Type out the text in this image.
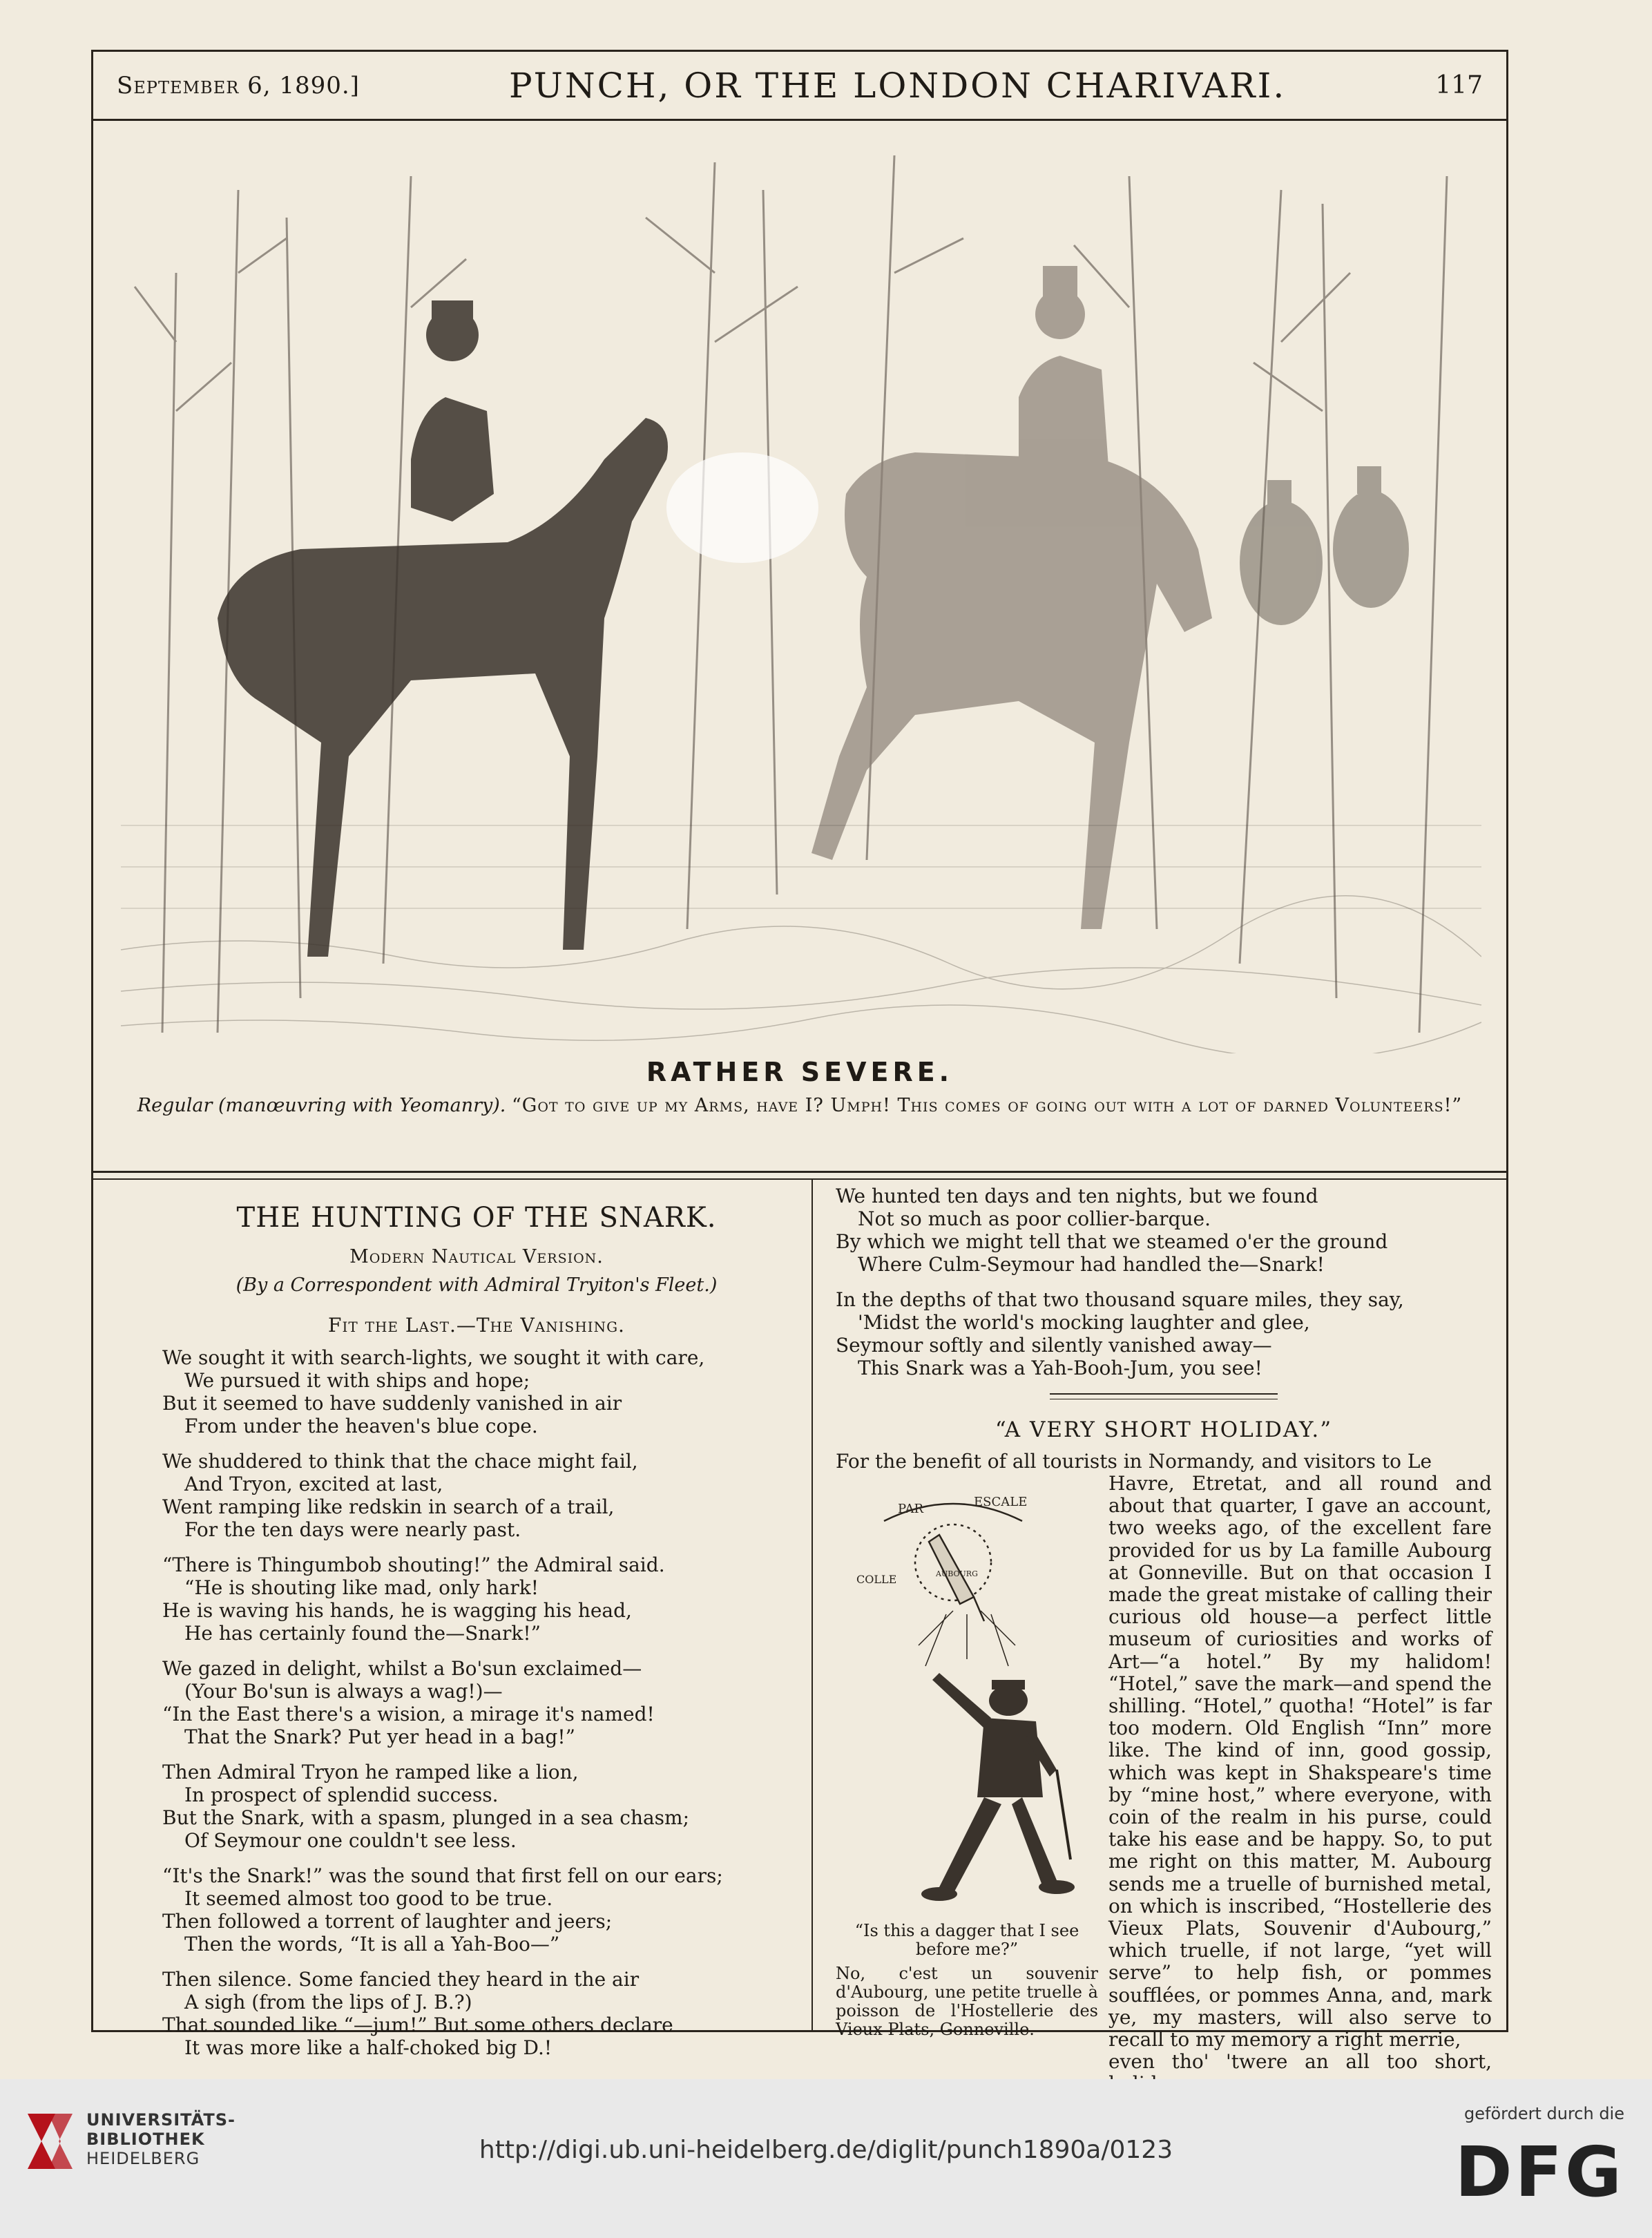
September 6, 1890.]	PUNCH, OR THE LONDON CHARIVARI.	117
RATHER SEVERE.
Regular (manœuvring with Yeomanry). “Got to give up my Arms, have I? Umph! This comes of going out with a lot of darned Volunteers!”
THE HUNTING OF THE SNARK.
Modern Nautical Version.
(By a Correspondent with Admiral Tryiton's Fleet.)
Fit the Last.—The Vanishing.
We sought it with search-lights, we sought it with care,
We pursued it with ships and hope;
But it seemed to have suddenly vanished in air
From under the heaven's blue cope.
We shuddered to think that the chace might fail,
And Tryon, excited at last,
Went ramping like redskin in search of a trail,
For the ten days were nearly past.
“There is Thingumbob shouting!” the Admiral said.
“He is shouting like mad, only hark!
He is waving his hands, he is wagging his head,
He has certainly found the—Snark!”
We gazed in delight, whilst a Bo'sun exclaimed—
(Your Bo'sun is always a wag!)—
“In the East there's a wision, a mirage it's named!
That the Snark? Put yer head in a bag!”
Then Admiral Tryon he ramped like a lion,
In prospect of splendid success.
But the Snark, with a spasm, plunged in a sea chasm;
Of Seymour one couldn't see less.
“It's the Snark!” was the sound that first fell on our ears;
It seemed almost too good to be true.
Then followed a torrent of laughter and jeers;
Then the words, “It is all a Yah-Boo—”
Then silence. Some fancied they heard in the air
A sigh (from the lips of J. B.?)
That sounded like “—jum!” But some others declare
It was more like a half-choked big D.!
We hunted ten days and ten nights, but we found
Not so much as poor collier-barque.
By which we might tell that we steamed o'er the ground
Where Culm-Seymour had handled the—Snark!
In the depths of that two thousand square miles, they say,
'Midst the world's mocking laughter and glee,
Seymour softly and silently vanished away—
This Snark was a Yah-Booh-Jum, you see!
“A VERY SHORT HOLIDAY.”
For the benefit of all tourists in Normandy, and visitors to Le
PAR	ESCALE
COLLE	AUBOURG
“Is this a dagger that I see before me?”
No, c'est un souvenir d'Aubourg, une petite truelle à poisson de l'Hostellerie des Vieux Plats, Gonneville.
Havre, Etretat, and all round and about that quarter, I gave an account, two weeks ago, of the excellent fare provided for us by La famille Aubourg at Gonneville. But on that occasion I made the great mistake of calling their curious old house—a perfect little museum of curiosities and works of Art—“a hotel.” By my halidom! “Hotel,” save the mark—and spend the shilling. “Hotel,” quotha! “Hotel” is far too modern. Old English “Inn” more like. The kind of inn, good gossip, which was kept in Shakspeare's time by “mine host,” where everyone, with coin of the realm in his purse, could take his ease and be happy. So, to put me right on this matter, M. Aubourg sends me a truelle of burnished metal, on which is inscribed, “Hostellerie des Vieux Plats, Souvenir d'Aubourg,” which truelle, if not large, “yet will serve” to help fish, or pommes soufflées, or pommes Anna, and, mark ye, my masters, will also serve to recall to my memory a right merrie,
even tho' 'twere an all too short,
UNIVERSITÄTS-
BIBLIOTHEK
HEIDELBERG	http://digi.ub.uni-heidelberg.de/diglit/punch1890a/0123
gefördert durch die
DFG
